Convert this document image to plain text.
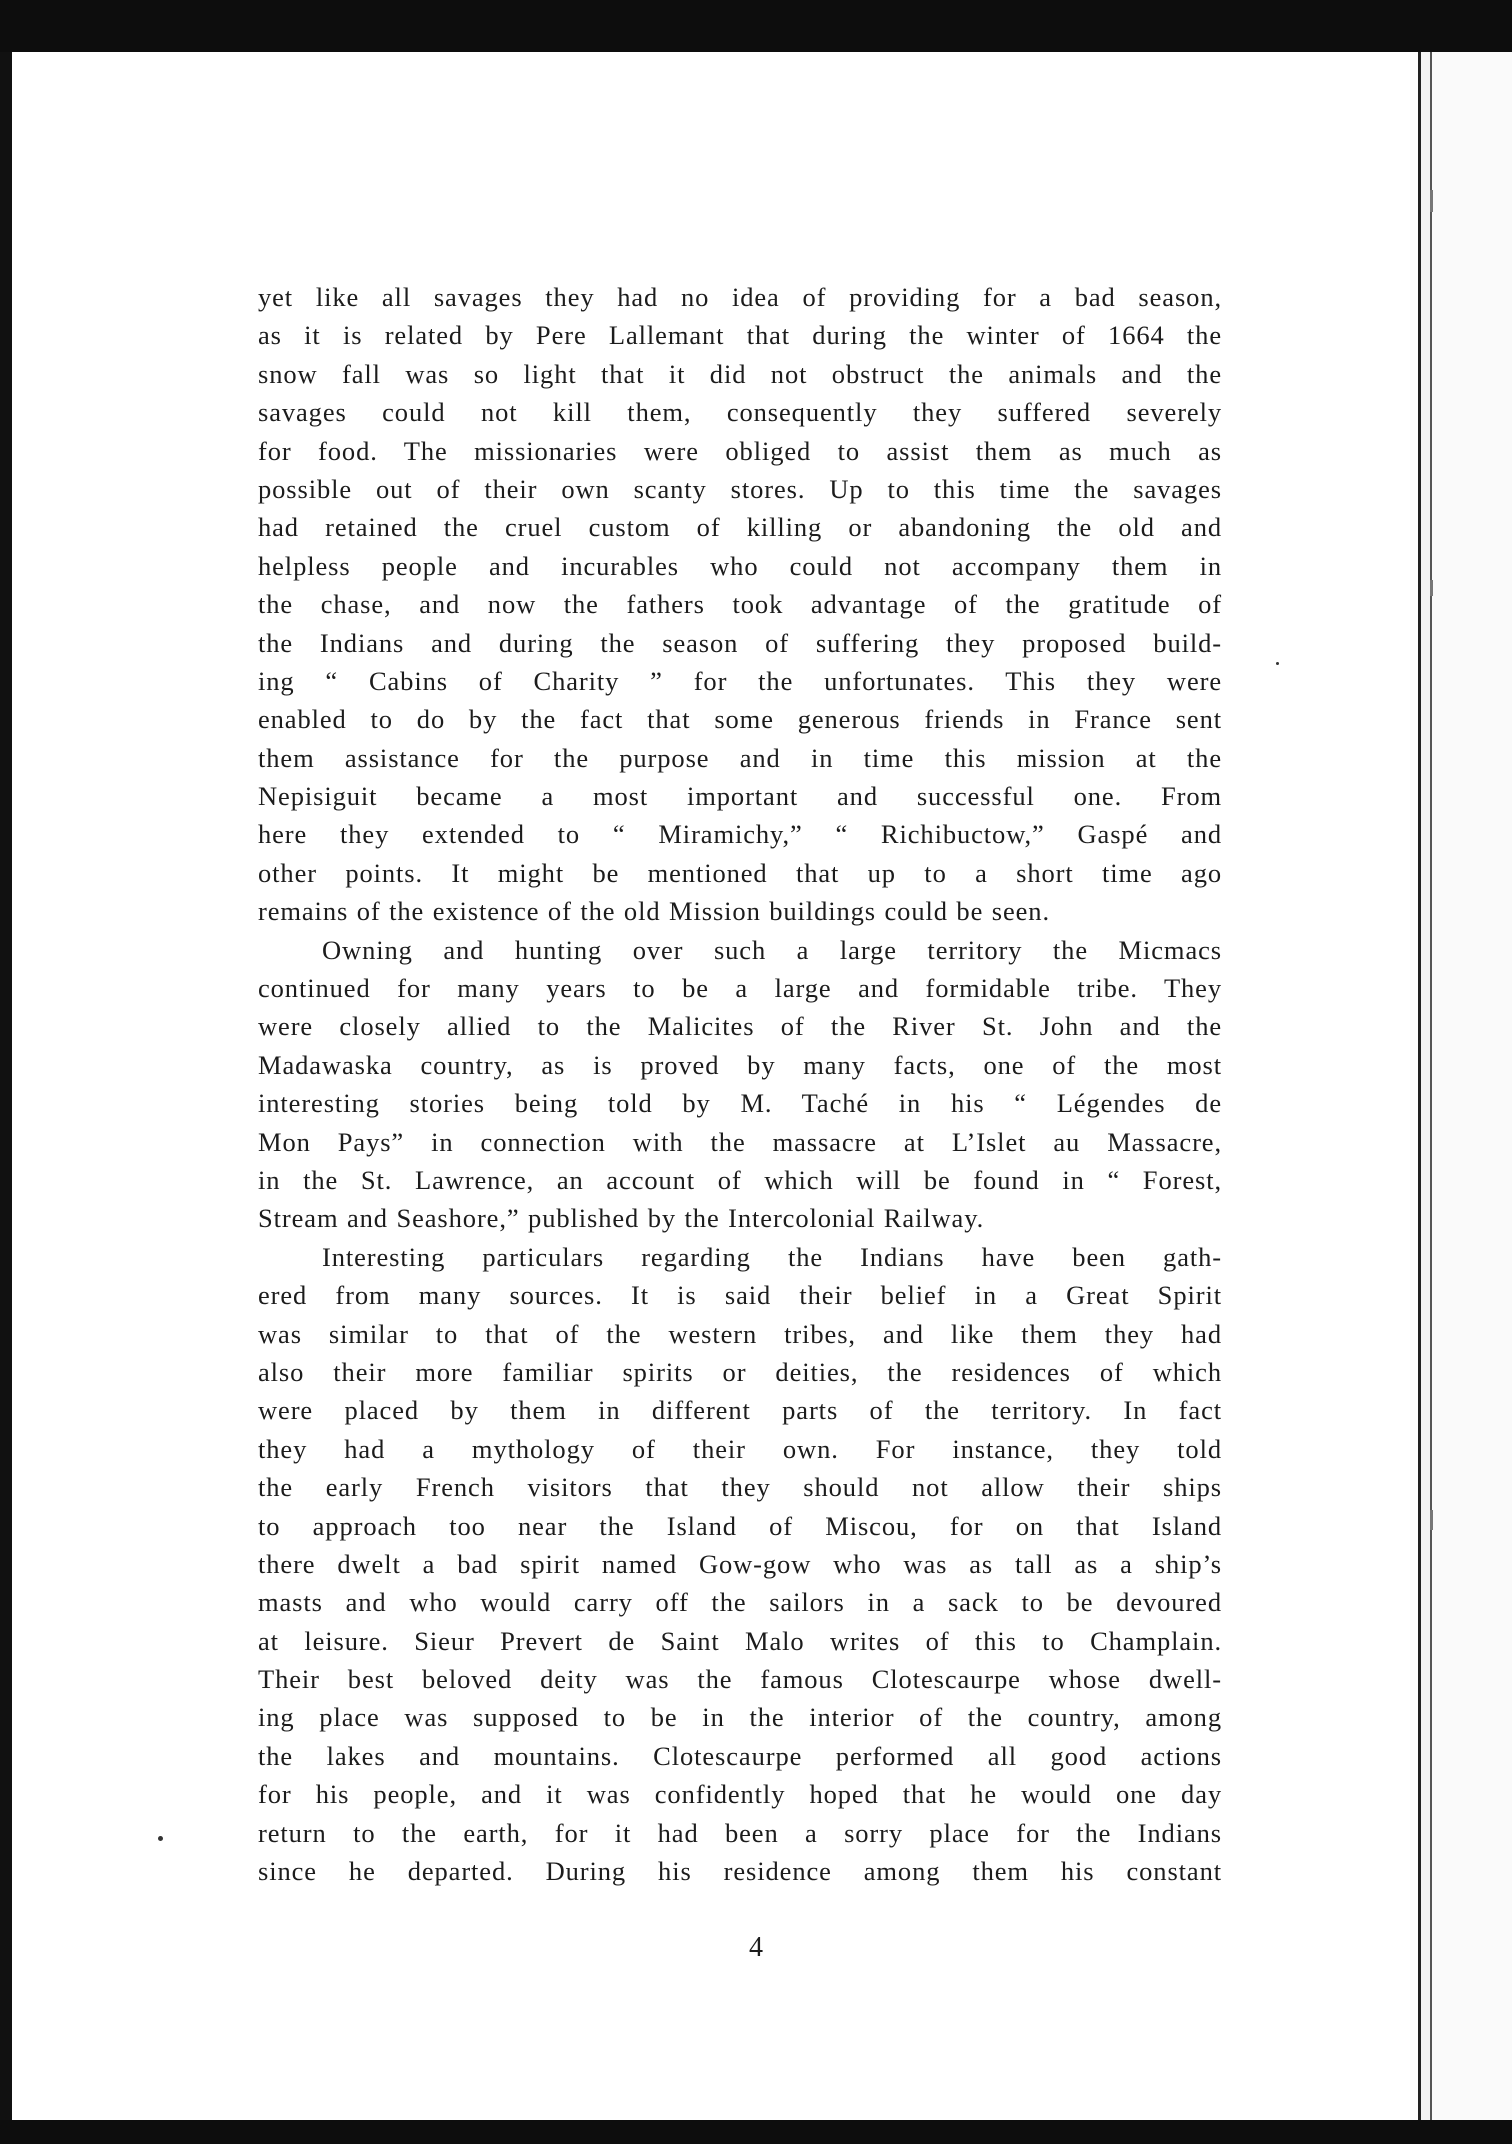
yet like all savages they had no idea of providing for a bad season,
as it is related by Pere Lallemant that during the winter of 1664 the
snow fall was so light that it did not obstruct the animals and the
savages could not kill them, consequently they suffered severely
for food. The missionaries were obliged to assist them as much as
possible out of their own scanty stores. Up to this time the savages
had retained the cruel custom of killing or abandoning the old and
helpless people and incurables who could not accompany them in
the chase, and now the fathers took advantage of the gratitude of
the Indians and during the season of suffering they proposed build-
ing “ Cabins of Charity ” for the unfortunates. This they were
enabled to do by the fact that some generous friends in France sent
them assistance for the purpose and in time this mission at the
Nepisiguit became a most important and successful one. From
here they extended to “ Miramichy,” “ Richibuctow,” Gaspé and
other points. It might be mentioned that up to a short time ago
remains of the existence of the old Mission buildings could be seen.
Owning and hunting over such a large territory the Micmacs
continued for many years to be a large and formidable tribe. They
were closely allied to the Malicites of the River St. John and the
Madawaska country, as is proved by many facts, one of the most
interesting stories being told by M. Taché in his “ Légendes de
Mon Pays” in connection with the massacre at L’Islet au Massacre,
in the St. Lawrence, an account of which will be found in “ Forest,
Stream and Seashore,” published by the Intercolonial Railway.
Interesting particulars regarding the Indians have been gath-
ered from many sources. It is said their belief in a Great Spirit
was similar to that of the western tribes, and like them they had
also their more familiar spirits or deities, the residences of which
were placed by them in different parts of the territory. In fact
they had a mythology of their own. For instance, they told
the early French visitors that they should not allow their ships
to approach too near the Island of Miscou, for on that Island
there dwelt a bad spirit named Gow-gow who was as tall as a ship’s
masts and who would carry off the sailors in a sack to be devoured
at leisure. Sieur Prevert de Saint Malo writes of this to Champlain.
Their best beloved deity was the famous Clotescaurpe whose dwell-
ing place was supposed to be in the interior of the country, among
the lakes and mountains. Clotescaurpe performed all good actions
for his people, and it was confidently hoped that he would one day
return to the earth, for it had been a sorry place for the Indians
since he departed. During his residence among them his constant
4
